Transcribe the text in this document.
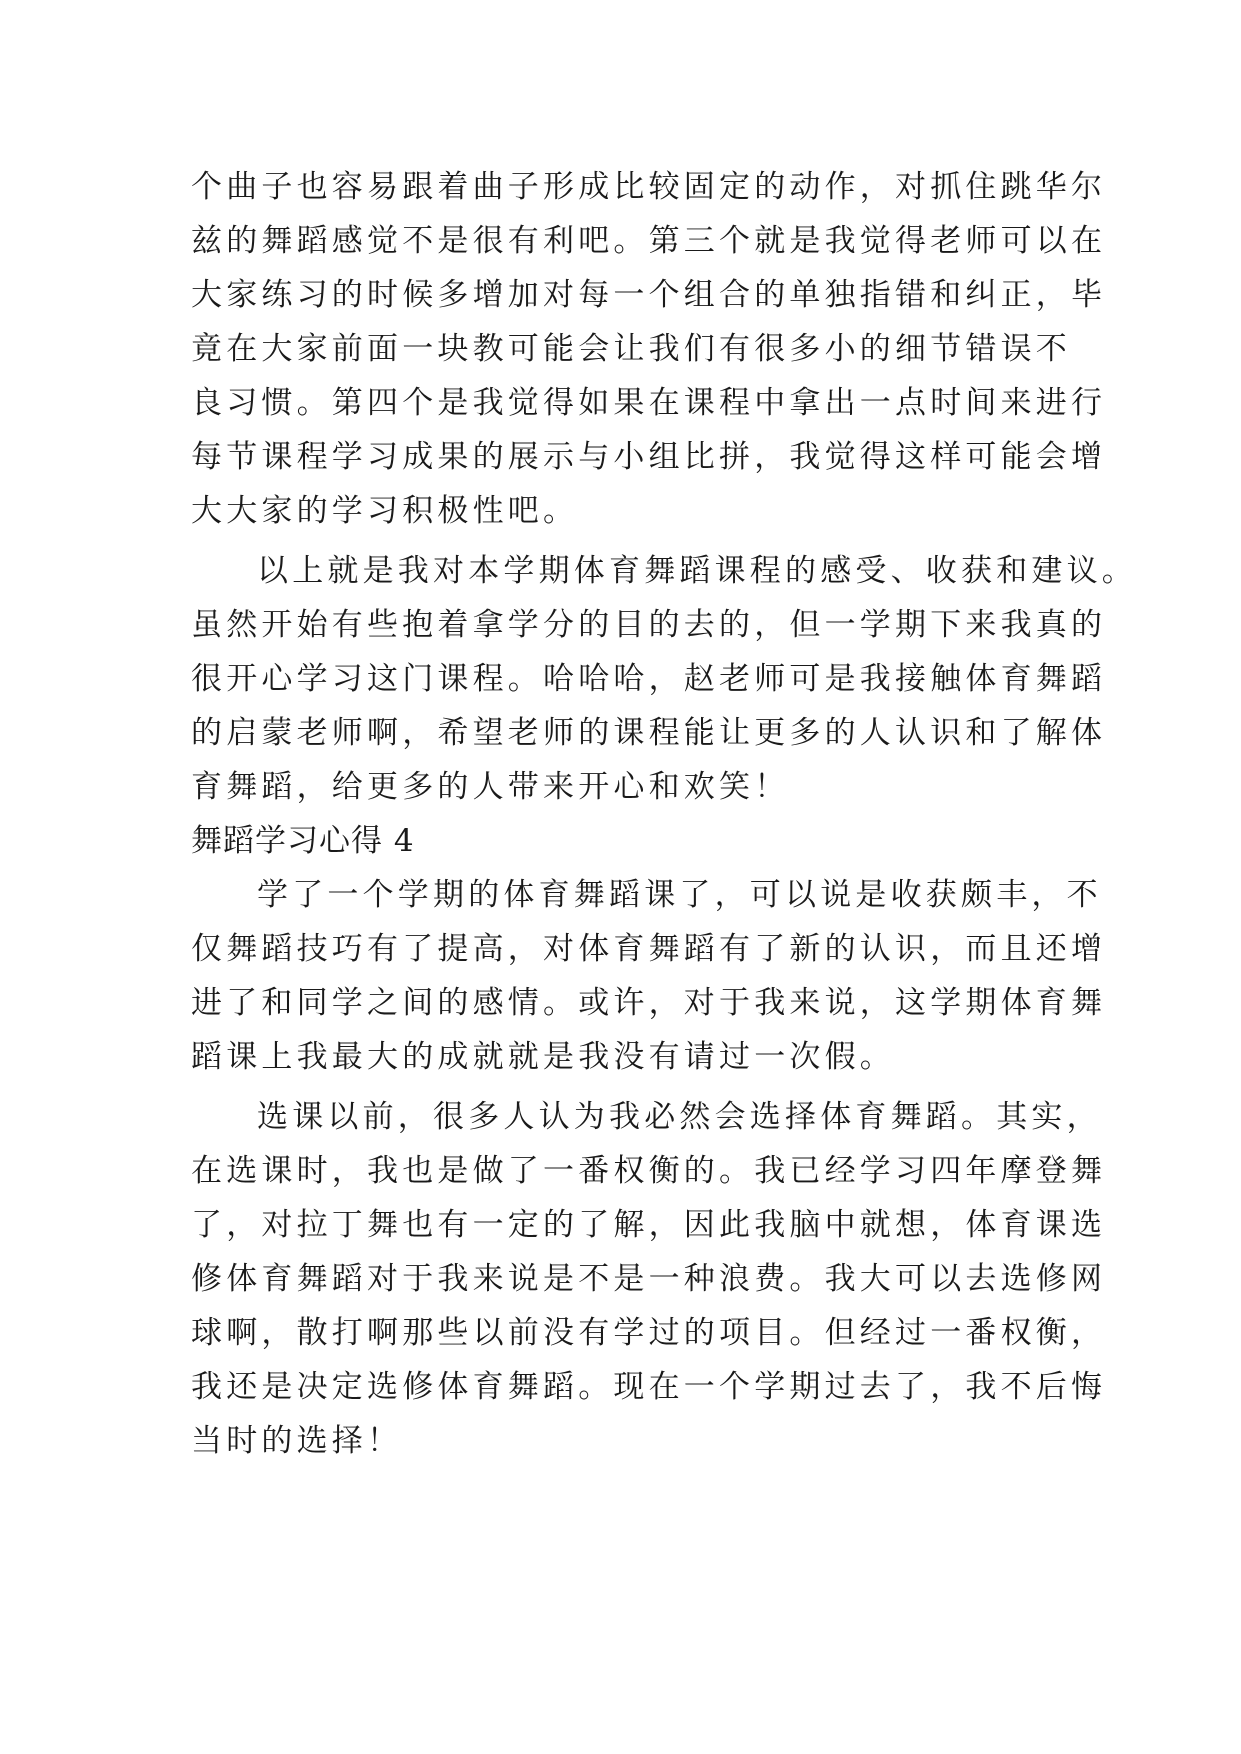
个曲子也容易跟着曲子形成比较固定的动作，对抓住跳华尔
兹的舞蹈感觉不是很有利吧。第三个就是我觉得老师可以在
大家练习的时候多增加对每一个组合的单独指错和纠正，毕
竟在大家前面一块教可能会让我们有很多小的细节错误不
良习惯。第四个是我觉得如果在课程中拿出一点时间来进行
每节课程学习成果的展示与小组比拼，我觉得这样可能会增
大大家的学习积极性吧。
以上就是我对本学期体育舞蹈课程的感受、收获和建议。
虽然开始有些抱着拿学分的目的去的，但一学期下来我真的
很开心学习这门课程。哈哈哈，赵老师可是我接触体育舞蹈
的启蒙老师啊，希望老师的课程能让更多的人认识和了解体
育舞蹈，给更多的人带来开心和欢笑！
舞蹈学习心得 4
学了一个学期的体育舞蹈课了，可以说是收获颇丰，不
仅舞蹈技巧有了提高，对体育舞蹈有了新的认识，而且还增
进了和同学之间的感情。或许，对于我来说，这学期体育舞
蹈课上我最大的成就就是我没有请过一次假。
选课以前，很多人认为我必然会选择体育舞蹈。其实，
在选课时，我也是做了一番权衡的。我已经学习四年摩登舞
了，对拉丁舞也有一定的了解，因此我脑中就想，体育课选
修体育舞蹈对于我来说是不是一种浪费。我大可以去选修网
球啊，散打啊那些以前没有学过的项目。但经过一番权衡，
我还是决定选修体育舞蹈。现在一个学期过去了，我不后悔
当时的选择！
